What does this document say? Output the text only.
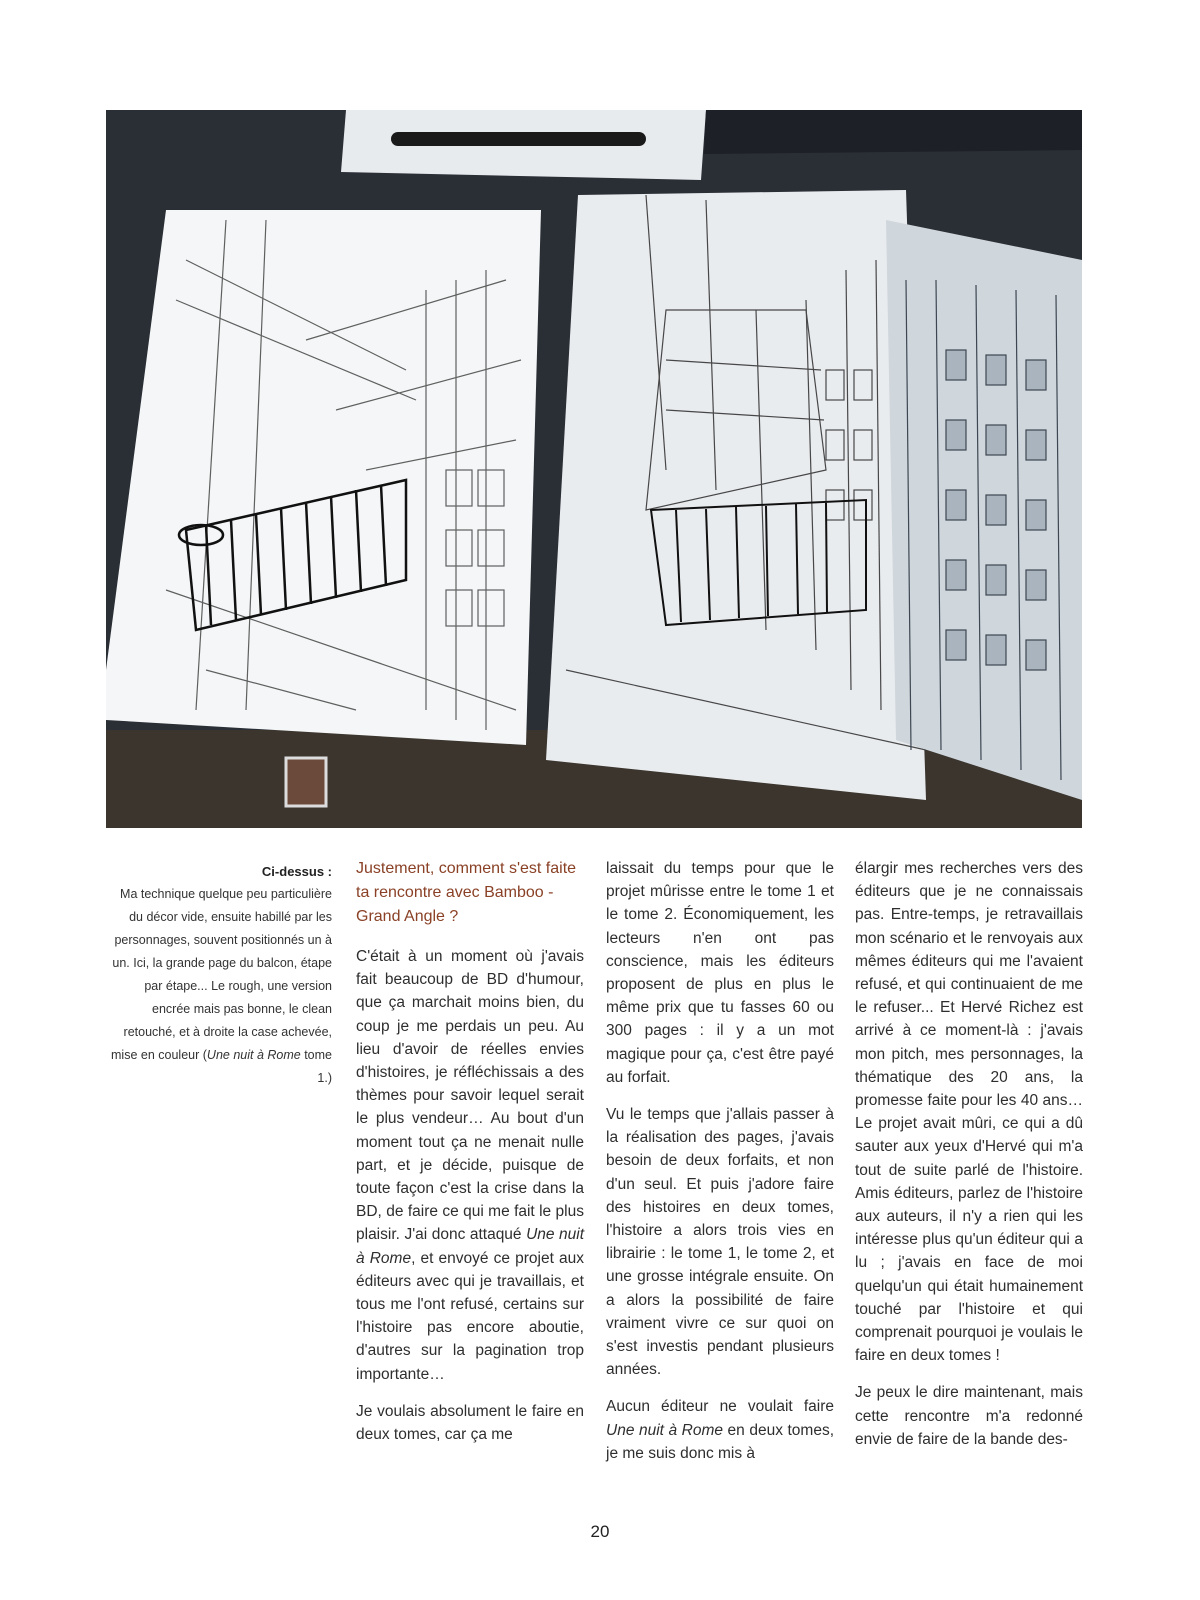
Ci-dessus :
Ma technique quelque peu particulière du décor vide, ensuite habillé par les personnages, souvent positionnés un à un. Ici, la grande page du balcon, étape par étape... Le rough, une version encrée mais pas bonne, le clean retouché, et à droite la case achevée, mise en couleur (Une nuit à Rome tome 1.)

Justement, comment s'est faite ta rencontre avec Bamboo - Grand Angle ?

C'était à un moment où j'avais fait beaucoup de BD d'humour, que ça marchait moins bien, du coup je me perdais un peu. Au lieu d'avoir de réelles envies d'histoires, je réfléchissais a des thèmes pour savoir lequel serait le plus vendeur… Au bout d'un moment tout ça ne menait nulle part, et je décide, puisque de toute façon c'est la crise dans la BD, de faire ce qui me fait le plus plaisir. J'ai donc attaqué Une nuit à Rome, et envoyé ce projet aux éditeurs avec qui je travaillais, et tous me l'ont refusé, certains sur l'histoire pas encore aboutie, d'autres sur la pagination trop importante…

Je voulais absolument le faire en deux tomes, car ça me

laissait du temps pour que le projet mûrisse entre le tome 1 et le tome 2. Économiquement, les lecteurs n'en ont pas conscience, mais les éditeurs proposent de plus en plus le même prix que tu fasses 60 ou 300 pages : il y a un mot magique pour ça, c'est être payé au forfait.

Vu le temps que j'allais passer à la réalisation des pages, j'avais besoin de deux forfaits, et non d'un seul. Et puis j'adore faire des histoires en deux tomes, l'histoire a alors trois vies en librairie : le tome 1, le tome 2, et une grosse intégrale ensuite. On a alors la possibilité de faire vraiment vivre ce sur quoi on s'est investis pendant plusieurs années.

Aucun éditeur ne voulait faire Une nuit à Rome en deux tomes, je me suis donc mis à

élargir mes recherches vers des éditeurs que je ne connaissais pas. Entre-temps, je retravaillais mon scénario et le renvoyais aux mêmes éditeurs qui me l'avaient refusé, et qui continuaient de me le refuser... Et Hervé Richez est arrivé à ce moment-là : j'avais mon pitch, mes personnages, la thématique des 20 ans, la promesse faite pour les 40 ans… Le projet avait mûri, ce qui a dû sauter aux yeux d'Hervé qui m'a tout de suite parlé de l'histoire. Amis éditeurs, parlez de l'histoire aux auteurs, il n'y a rien qui les intéresse plus qu'un éditeur qui a lu ; j'avais en face de moi quelqu'un qui était humainement touché par l'histoire et qui comprenait pourquoi je voulais le faire en deux tomes !

Je peux le dire maintenant, mais cette rencontre m'a redonné envie de faire de la bande des-

20
